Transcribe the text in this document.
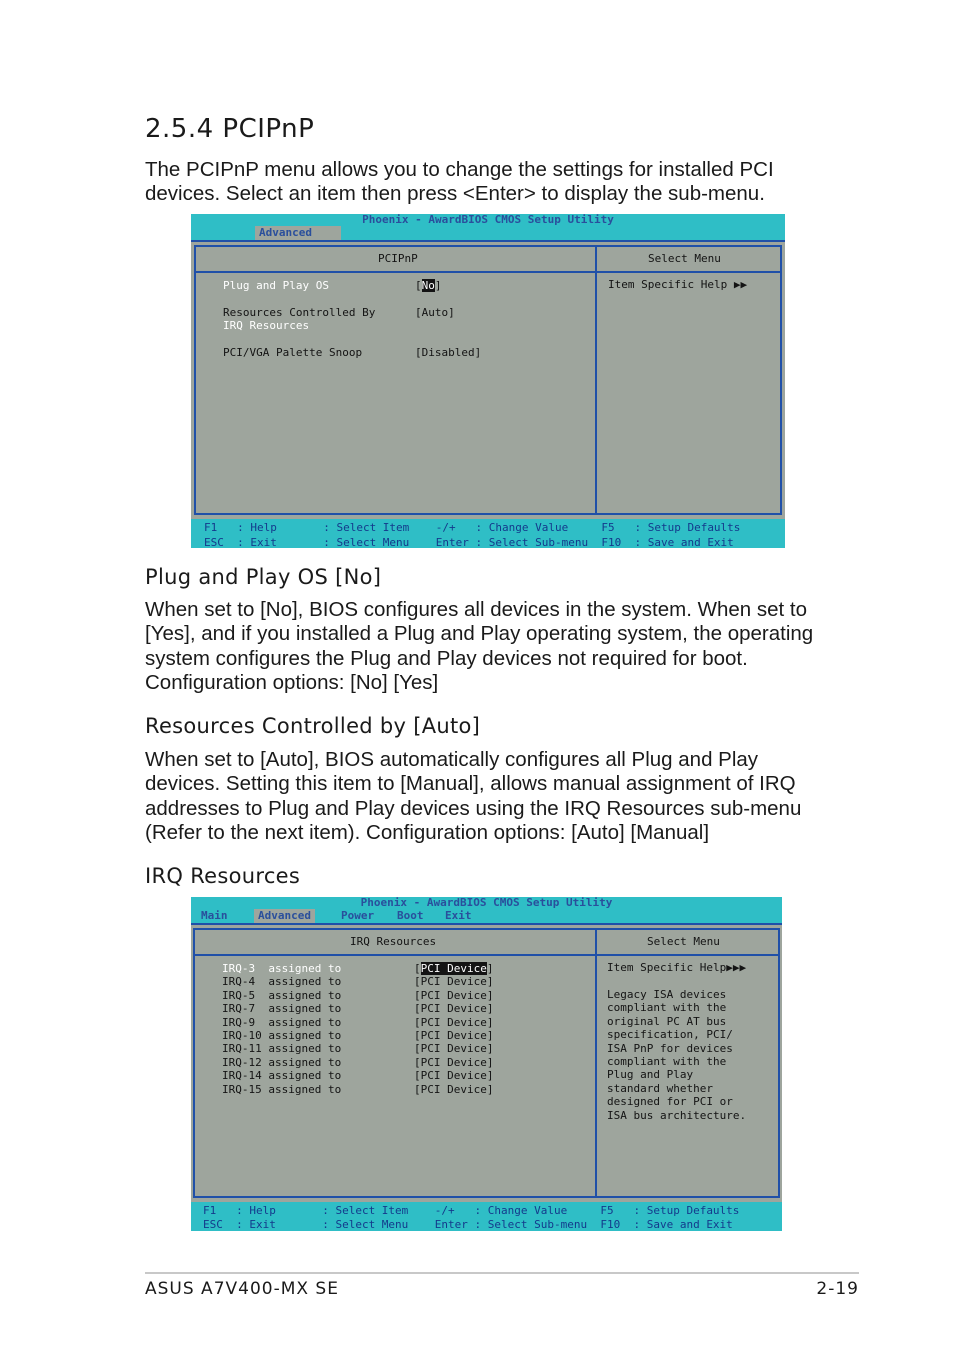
2.5.4 PCIPnP

The PCIPnP menu allows you to change the settings for installed PCI

devices. Select an item then press <Enter> to display the sub-menu.

Phoenix - AwardBIOS CMOS Setup Utility
Advanced
PCIPnP	Select Menu
Plug and Play OS	[No]
Resources Controlled By	[Auto]
IRQ Resources
PCI/VGA Palette Snoop	[Disabled]
Item Specific Help ▶▶
F1   : Help       : Select Item    -/+   : Change Value     F5   : Setup Defaults
ESC  : Exit       : Select Menu    Enter : Select Sub-menu  F10  : Save and Exit
Plug and Play OS [No]

When set to [No], BIOS configures all devices in the system. When set to

[Yes], and if you installed a Plug and Play operating system, the operating

system configures the Plug and Play devices not required for boot.

Configuration options: [No] [Yes]

Resources Controlled by [Auto]

When set to [Auto], BIOS automatically configures all Plug and Play

devices. Setting this item to [Manual], allows manual assignment of IRQ

addresses to Plug and Play devices using the IRQ Resources sub-menu

(Refer to the next item). Configuration options: [Auto] [Manual]

IRQ Resources
Phoenix - AwardBIOS CMOS Setup Utility
Main	Advanced	Power	Boot	Exit
IRQ Resources	Select Menu
IRQ-3  assigned to	[PCI Device]
IRQ-4  assigned to	[PCI Device]
IRQ-5  assigned to	[PCI Device]
IRQ-7  assigned to	[PCI Device]
IRQ-9  assigned to	[PCI Device]
IRQ-10 assigned to	[PCI Device]
IRQ-11 assigned to	[PCI Device]
IRQ-12 assigned to	[PCI Device]
IRQ-14 assigned to	[PCI Device]
IRQ-15 assigned to	[PCI Device]
Item Specific Help▶▶▶
Legacy ISA devices
compliant with the
original PC AT bus
specification, PCI/
ISA PnP for devices
compliant with the
Plug and Play
standard whether
designed for PCI or
ISA bus architecture.
F1   : Help       : Select Item    -/+   : Change Value     F5   : Setup Defaults
ESC  : Exit       : Select Menu    Enter : Select Sub-menu  F10  : Save and Exit
ASUS A7V400-MX SE	2-19
